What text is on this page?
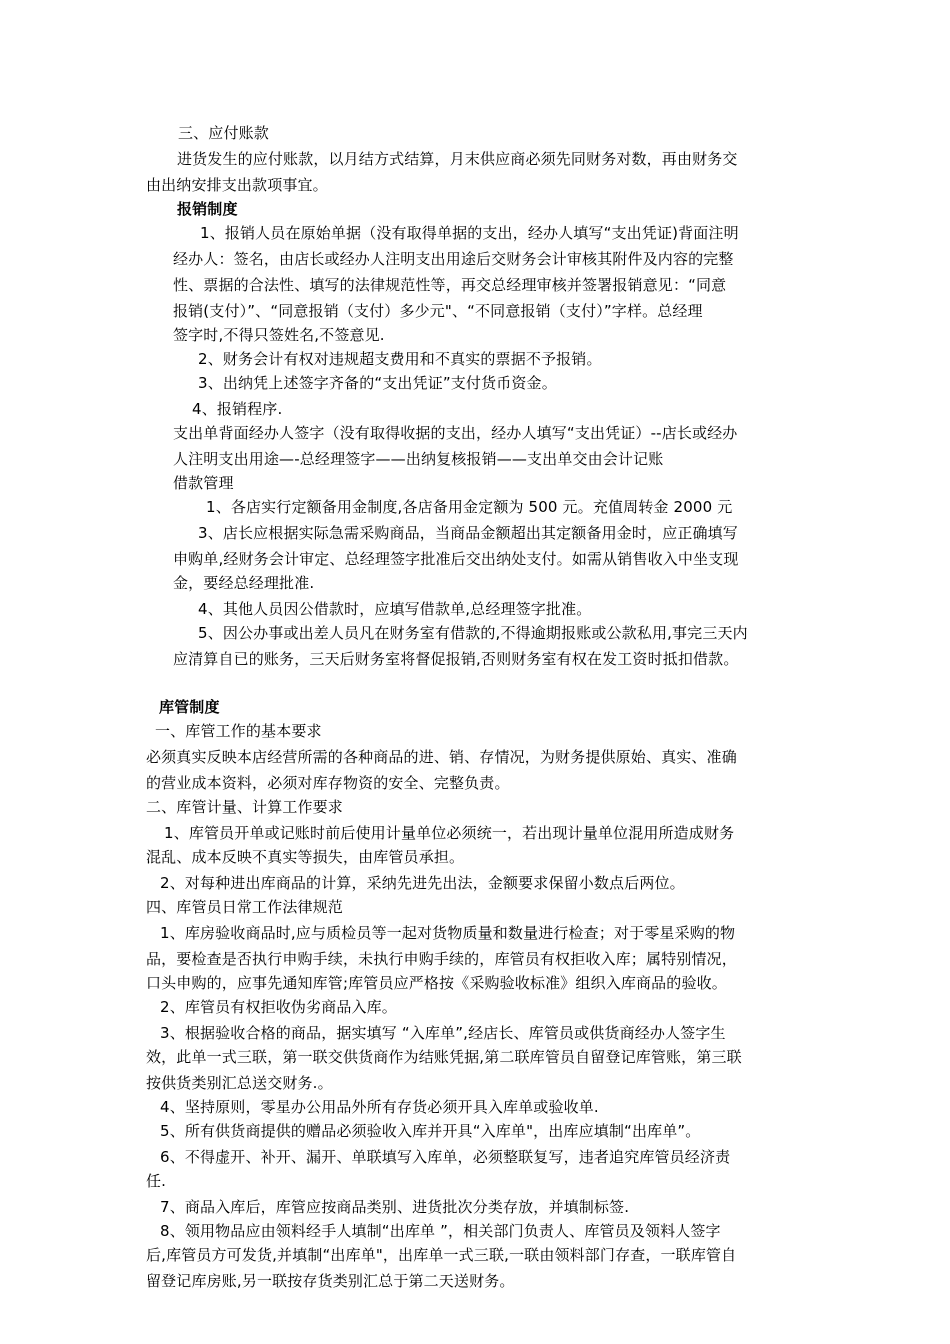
三、应付账款
进货发生的应付账款，以月结方式结算，月末供应商必须先同财务对数，再由财务交
由出纳安排支出款项事宜。
报销制度
1、报销人员在原始单据（没有取得单据的支出，经办人填写“支出凭证)背面注明
经办人：签名，由店长或经办人注明支出用途后交财务会计审核其附件及内容的完整
性、票据的合法性、填写的法律规范性等，再交总经理审核并签署报销意见：“同意
报销(支付）”、“同意报销（支付）多少元"、“不同意报销（支付）”字样。总经理
签字时,不得只签姓名,不签意见.
2、财务会计有权对违规超支费用和不真实的票据不予报销。
3、出纳凭上述签字齐备的“支出凭证”支付货币资金。
4、报销程序.
支出单背面经办人签字（没有取得收据的支出，经办人填写“支出凭证）--店长或经办
人注明支出用途—-总经理签字——出纳复核报销——支出单交由会计记账
借款管理
1、各店实行定额备用金制度,各店备用金定额为 500 元。充值周转金 2000 元
3、店长应根据实际急需采购商品，当商品金额超出其定额备用金时，应正确填写
申购单,经财务会计审定、总经理签字批准后交出纳处支付。如需从销售收入中坐支现
金，要经总经理批准.
4、其他人员因公借款时，应填写借款单,总经理签字批准。
5、因公办事或出差人员凡在财务室有借款的,不得逾期报账或公款私用,事完三天内
应清算自已的账务，三天后财务室将督促报销,否则财务室有权在发工资时抵扣借款。
库管制度
一、库管工作的基本要求
必须真实反映本店经营所需的各种商品的进、销、存情况，为财务提供原始、真实、准确
的营业成本资料，必须对库存物资的安全、完整负责。
二、库管计量、计算工作要求
1、库管员开单或记账时前后使用计量单位必须统一，若出现计量单位混用所造成财务
混乱、成本反映不真实等损失，由库管员承担。
2、对每种进出库商品的计算，采纳先进先出法，金额要求保留小数点后两位。
四、库管员日常工作法律规范
1、库房验收商品时,应与质检员等一起对货物质量和数量进行检查；对于零星采购的物
品，要检查是否执行申购手续，未执行申购手续的，库管员有权拒收入库；属特别情况，
口头申购的，应事先通知库管;库管员应严格按《采购验收标准》组织入库商品的验收。
2、库管员有权拒收伪劣商品入库。
3、根据验收合格的商品，据实填写 “入库单”,经店长、库管员或供货商经办人签字生
效，此单一式三联，第一联交供货商作为结账凭据,第二联库管员自留登记库管账，第三联
按供货类别汇总送交财务.。
4、坚持原则，零星办公用品外所有存货必须开具入库单或验收单.
5、所有供货商提供的赠品必须验收入库并开具“入库单"，出库应填制“出库单”。
6、不得虚开、补开、漏开、单联填写入库单，必须整联复写，违者追究库管员经济责
任.
7、商品入库后，库管应按商品类别、进货批次分类存放，并填制标签.
8、领用物品应由领料经手人填制“出库单 ”，相关部门负责人、库管员及领料人签字
后,库管员方可发货,并填制“出库单"，出库单一式三联,一联由领料部门存查，一联库管自
留登记库房账,另一联按存货类别汇总于第二天送财务。
